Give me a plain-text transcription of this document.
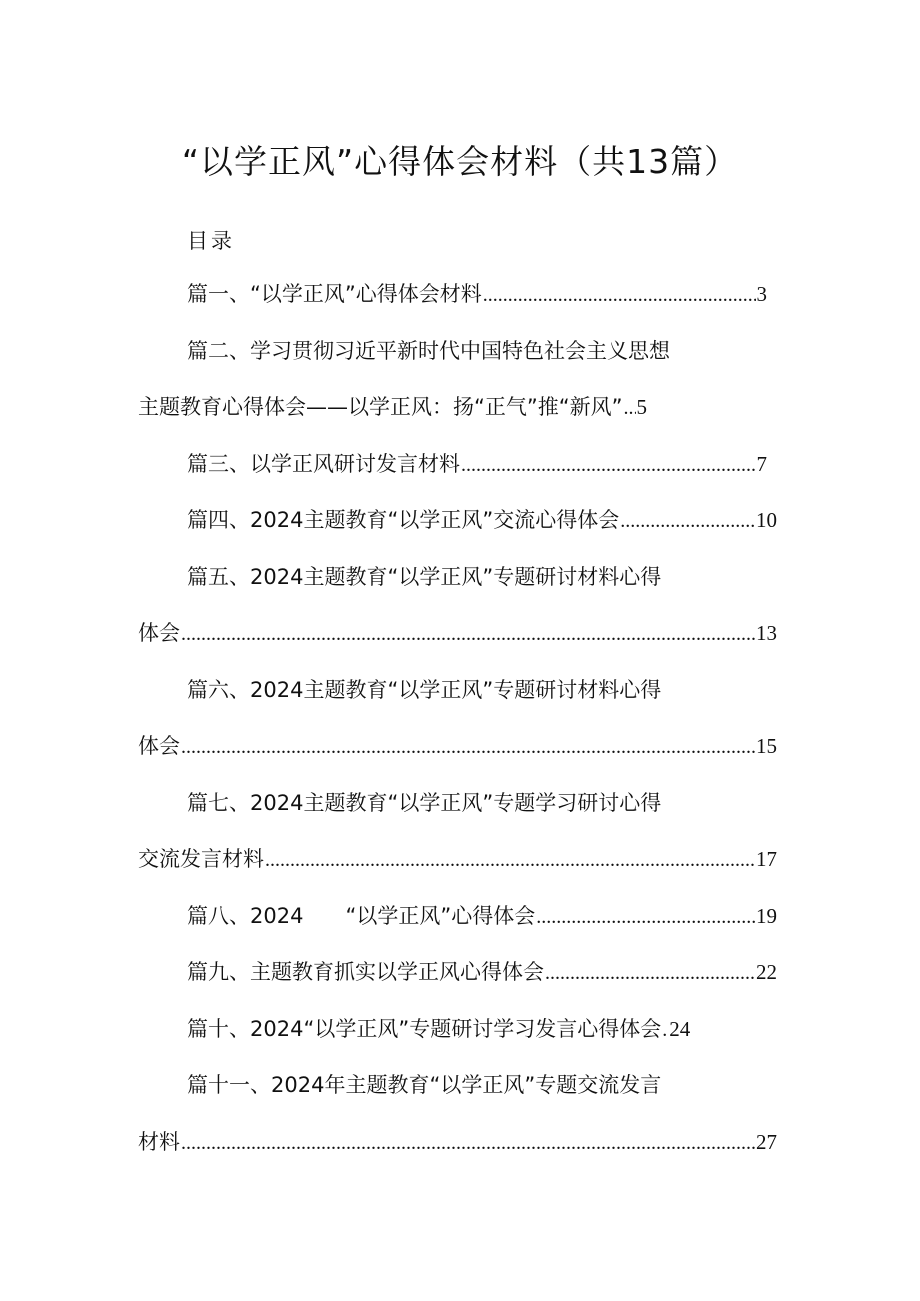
“以学正风”心得体会材料（共13篇）
目录
篇一、“以学正风”心得体会材料 .....	3
篇二、学习贯彻习近平新时代中国特色社会主义思想
主题教育心得体会——以学正风：扬“正气”推“新风” ..... 5
篇三、以学正风研讨发言材料 .....	7
篇四、2024主题教育“以学正风”交流心得体会 .....	10
篇五、2024主题教育“以学正风”专题研讨材料心得
体会 .....	13
篇六、2024主题教育“以学正风”专题研讨材料心得
体会 .....	15
篇七、2024主题教育“以学正风”专题学习研讨心得
交流发言材料 .....	17
篇八、2024　　“以学正风”心得体会 .....	19
篇九、主题教育抓实以学正风心得体会 .....	22
篇十、2024“以学正风”专题研讨学习发言心得体会 ..... 24
篇十一、2024年主题教育“以学正风”专题交流发言
材料 .....	27
